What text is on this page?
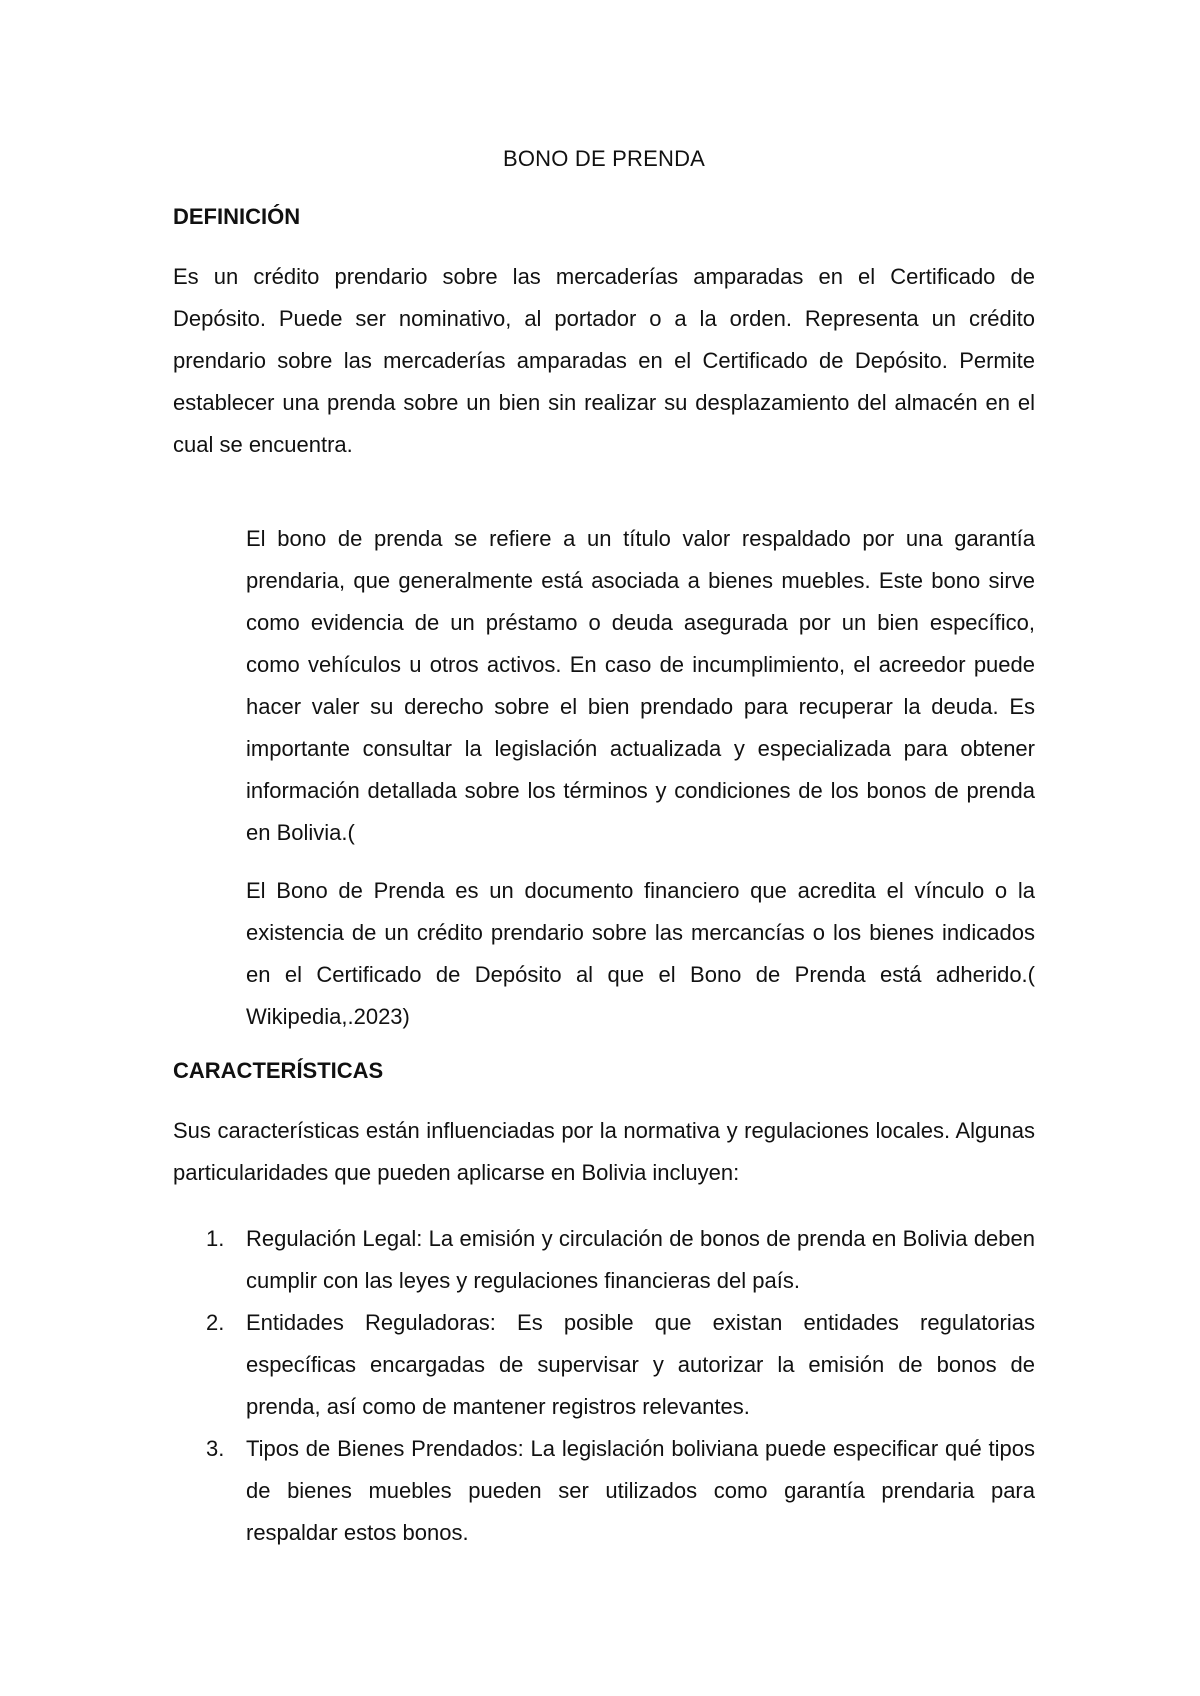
BONO DE PRENDA
DEFINICIÓN

Es un crédito prendario sobre las mercaderías amparadas en el Certificado de Depósito. Puede ser nominativo, al portador o a la orden. Representa un crédito prendario sobre las mercaderías amparadas en el Certificado de Depósito. Permite establecer una prenda sobre un bien sin realizar su desplazamiento del almacén en el cual se encuentra.

El bono de prenda se refiere a un título valor respaldado por una garantía prendaria, que generalmente está asociada a bienes muebles. Este bono sirve como evidencia de un préstamo o deuda asegurada por un bien específico, como vehículos u otros activos. En caso de incumplimiento, el acreedor puede hacer valer su derecho sobre el bien prendado para recuperar la deuda. Es importante consultar la legislación actualizada y especializada para obtener información detallada sobre los términos y condiciones de los bonos de prenda en Bolivia.(

El Bono de Prenda es un documento financiero que acredita el vínculo o la existencia de un crédito prendario sobre las mercancías o los bienes indicados en el Certificado de Depósito al que el Bono de Prenda está adherido.( Wikipedia,.2023)

CARACTERÍSTICAS

Sus características están influenciadas por la normativa y regulaciones locales. Algunas particularidades que pueden aplicarse en Bolivia incluyen:

1. Regulación Legal: La emisión y circulación de bonos de prenda en Bolivia deben cumplir con las leyes y regulaciones financieras del país.
2. Entidades Reguladoras: Es posible que existan entidades regulatorias específicas encargadas de supervisar y autorizar la emisión de bonos de prenda, así como de mantener registros relevantes.
3. Tipos de Bienes Prendados: La legislación boliviana puede especificar qué tipos de bienes muebles pueden ser utilizados como garantía prendaria para respaldar estos bonos.
